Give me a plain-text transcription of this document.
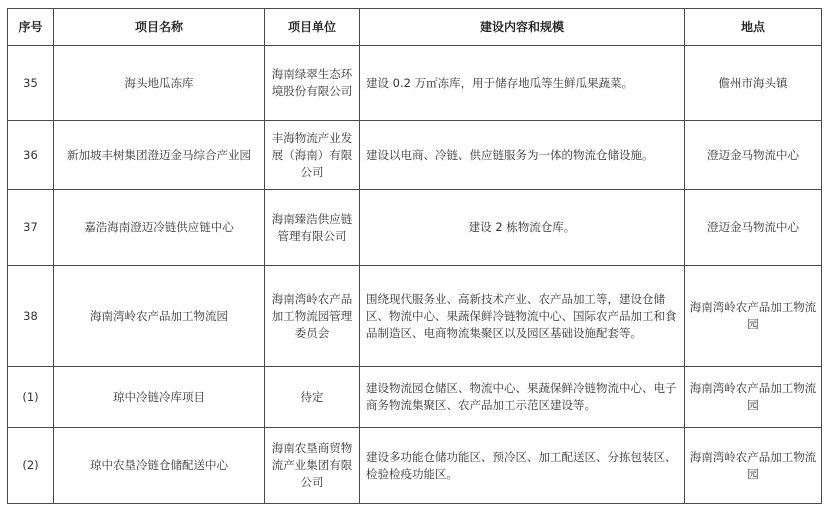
序号	项目名称	项目单位	建设内容和规模	地点
35	海头地瓜冻库	海南绿翠生态环境股份有限公司	建设 0.2 万㎡冻库，用于储存地瓜等生鲜瓜果蔬菜。	儋州市海头镇
36	新加坡丰树集团澄迈金马综合产业园	丰海物流产业发展（海南）有限公司	建设以电商、冷链、供应链服务为一体的物流仓储设施。	澄迈金马物流中心
37	嘉浩海南澄迈冷链供应链中心	海南臻浩供应链管理有限公司	建设 2 栋物流仓库。	澄迈金马物流中心
38	海南湾岭农产品加工物流园	海南湾岭农产品加工物流园管理委员会	围绕现代服务业、高新技术产业、农产品加工等，建设仓储区、物流中心、果蔬保鲜冷链物流中心、国际农产品加工和食品制造区、电商物流集聚区以及园区基础设施配套等。	海南湾岭农产品加工物流园
(1)	琼中冷链冷库项目	待定	建设物流园仓储区、物流中心、果蔬保鲜冷链物流中心、电子商务物流集聚区、农产品加工示范区建设等。	海南湾岭农产品加工物流园
(2)	琼中农垦冷链仓储配送中心	海南农垦商贸物流产业集团有限公司	建设多功能仓储功能区、预冷区、加工配送区、分拣包装区、检验检疫功能区。	海南湾岭农产品加工物流园
